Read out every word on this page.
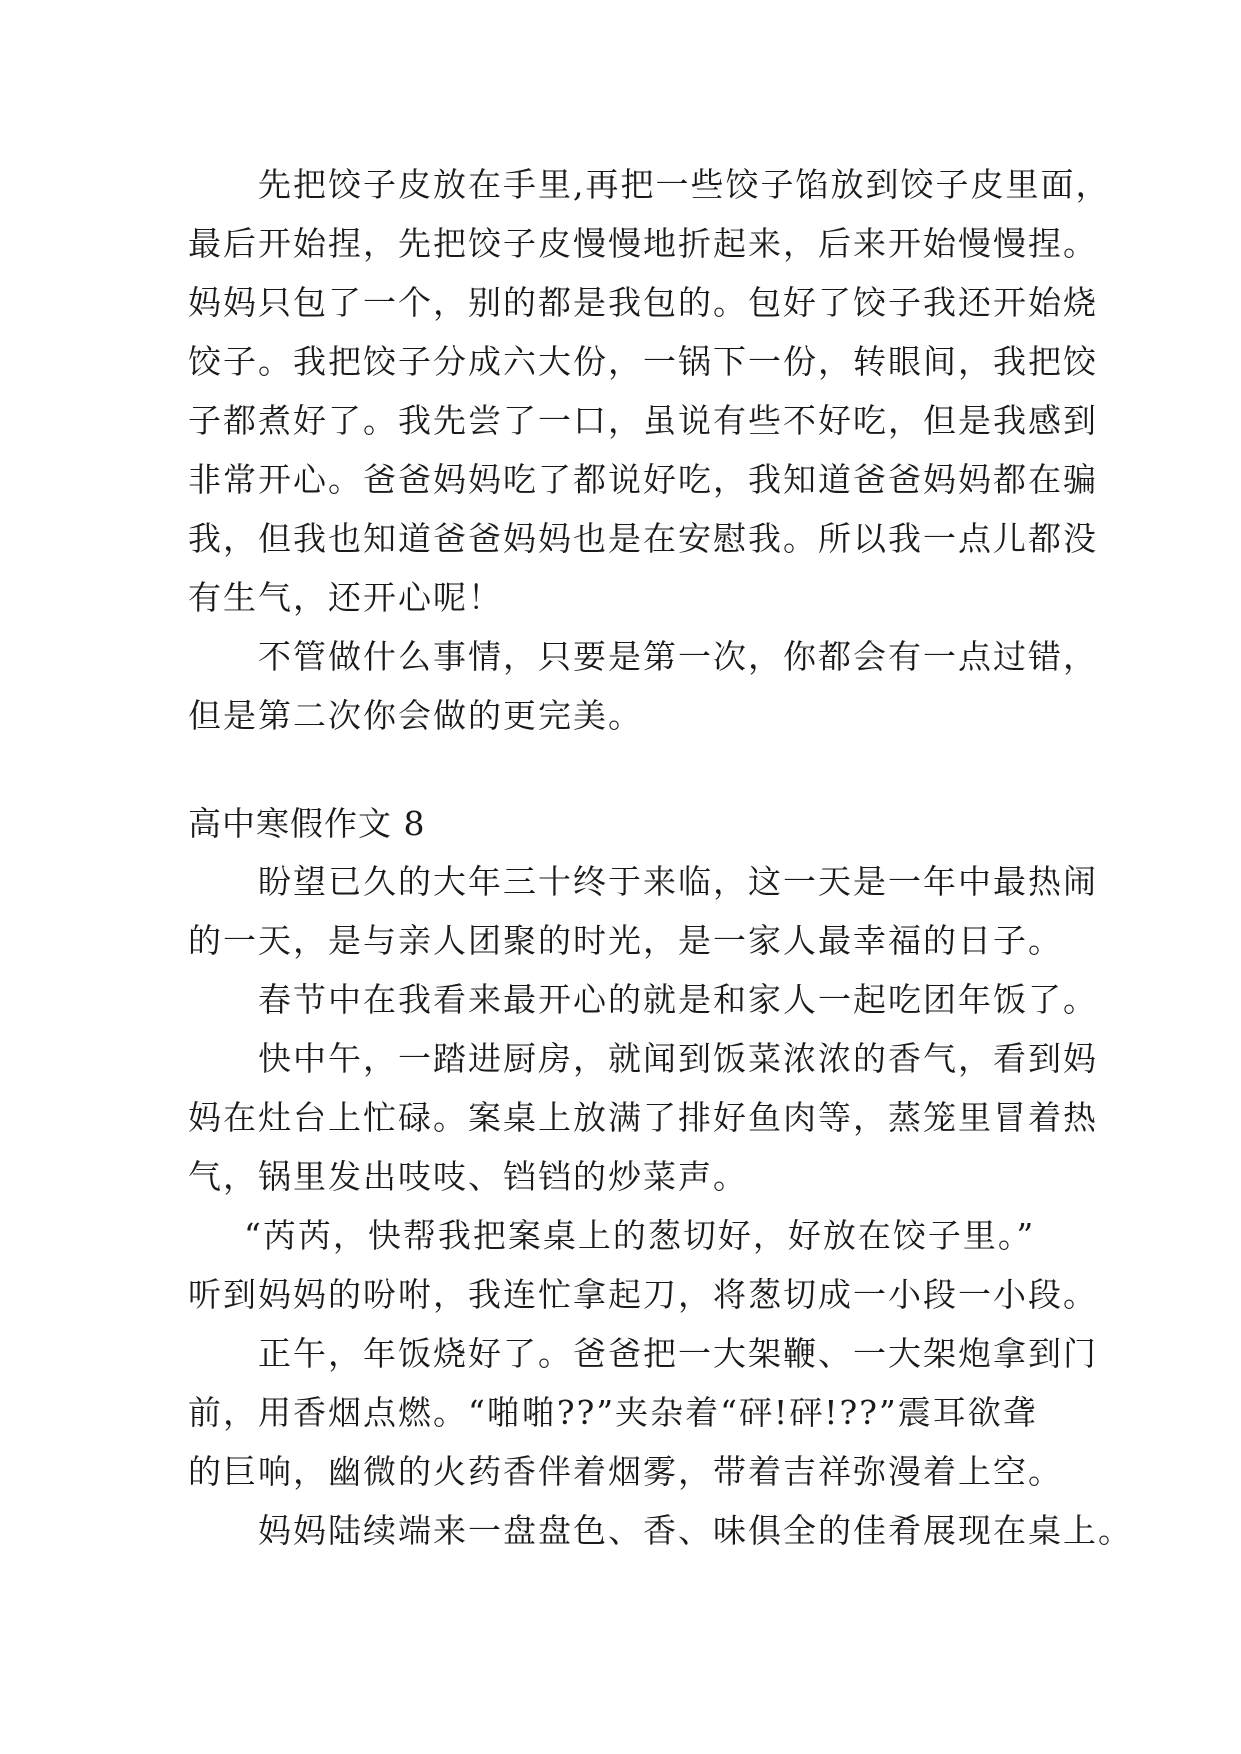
先把饺子皮放在手里,再把一些饺子馅放到饺子皮里面，
最后开始捏，先把饺子皮慢慢地折起来，后来开始慢慢捏。
妈妈只包了一个，别的都是我包的。包好了饺子我还开始烧
饺子。我把饺子分成六大份，一锅下一份，转眼间，我把饺
子都煮好了。我先尝了一口，虽说有些不好吃，但是我感到
非常开心。爸爸妈妈吃了都说好吃，我知道爸爸妈妈都在骗
我，但我也知道爸爸妈妈也是在安慰我。所以我一点儿都没
有生气，还开心呢！
不管做什么事情，只要是第一次，你都会有一点过错，
但是第二次你会做的更完美。
高中寒假作文 8
盼望已久的大年三十终于来临，这一天是一年中最热闹
的一天，是与亲人团聚的时光，是一家人最幸福的日子。
春节中在我看来最开心的就是和家人一起吃团年饭了。
快中午，一踏进厨房，就闻到饭菜浓浓的香气，看到妈
妈在灶台上忙碌。案桌上放满了排好鱼肉等，蒸笼里冒着热
气，锅里发出吱吱、铛铛的炒菜声。
“芮芮，快帮我把案桌上的葱切好，好放在饺子里。”
听到妈妈的吩咐，我连忙拿起刀，将葱切成一小段一小段。
正午，年饭烧好了。爸爸把一大架鞭、一大架炮拿到门
前，用香烟点燃。“啪啪??”夹杂着“砰!砰!??”震耳欲聋
的巨响，幽微的火药香伴着烟雾，带着吉祥弥漫着上空。
妈妈陆续端来一盘盘色、香、味俱全的佳肴展现在桌上。
